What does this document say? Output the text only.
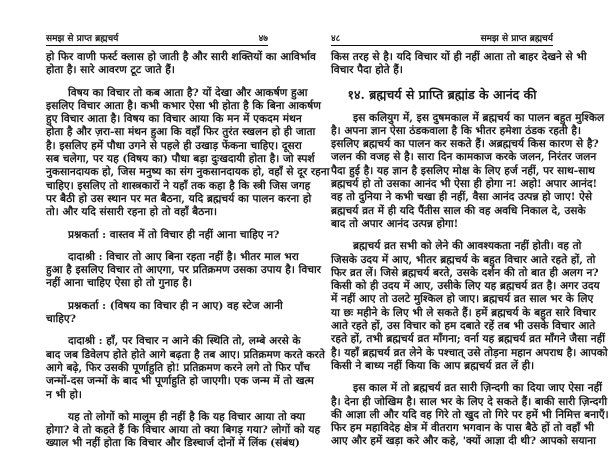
समझ से प्राप्त ब्रह्मचर्य	४७
हो फिर वाणी फर्स्ट क्लास हो जाती है और सारी शक्तियों का आविर्भाव
होता है। सारे आवरण टूट जाते हैं।
विषय का विचार तो कब आता है? यों देखा और आकर्षण हुआ
इसलिए विचार आता है। कभी कभार ऐसा भी होता है कि बिना आकर्षण
हुए विचार आता है। विषय का विचार आया कि मन में एकदम मंथन
होता है और ज़रा-सा मंथन हुआ कि वहाँ फिर तुरंत स्खलन हो ही जाता
है। इसलिए हमें पौधा उगने से पहले ही उखाड़ फेंकना चाहिए। दूसरा
सब चलेगा, पर यह (विषय का) पौधा बड़ा दुःखदायी होता है। जो स्पर्श
नुकसानदायक हो, जिस मनुष्य का संग नुकसानदायक हो, वहाँ से दूर रहना
चाहिए। इसलिए तो शास्त्रकारों ने यहाँ तक कहा है कि स्त्री जिस जगह
पर बैठी हो उस स्थान पर मत बैठना, यदि ब्रह्मचर्य का पालन करना हो
तो। और यदि संसारी रहना हो तो वहाँ बैठना।
प्रश्नकर्ता : वास्तव में तो विचार ही नहीं आना चाहिए न?
दादाश्री : विचार तो आए बिना रहता नहीं है। भीतर माल भरा
हुआ है इसलिए विचार तो आएगा, पर प्रतिक्रमण उसका उपाय है। विचार
नहीं आना चाहिए ऐसा हो तो गुनाह है।
प्रश्नकर्ता : (विषय का विचार ही न आए) वह स्टेज आनी
चाहिए?
दादाश्री : हाँ, पर विचार न आने की स्थिति तो, लम्बे अरसे के
बाद जब डिवेलप होते होते आगे बढ़ता है तब आए। प्रतिक्रमण करते करते
आगे बढ़े, फिर उसकी पूर्णाहुति हो! प्रतिक्रमण करने लगे तो फिर पाँच
जन्मों-दस जन्मों के बाद भी पूर्णाहुति हो जाएगी। एक जन्म में तो खत्म
न भी हो।
यह तो लोगों को मालूम ही नहीं है कि यह विचार आया तो क्या
होगा? वे तो कहते हैं कि विचार आया तो क्या बिगड़ गया? लोगों को यह
ख्याल भी नहीं होता कि विचार और डिस्चार्ज दोनों में लिंक (संबंध)
४८	समझ से प्राप्त ब्रह्मचर्य
किस तरह से है। यदि विचार यों ही नहीं आता तो बाहर देखने से भी
विचार पैदा होते हैं।
१४. ब्रह्मचर्य से प्राप्ति ब्रह्मांड के आनंद की
इस कलियुग में, इस दुषमकाल में ब्रह्मचर्य का पालन बहुत मुश्किल
है। अपना ज्ञान ऐसा ठंडकवाला है कि भीतर हमेशा ठंडक रहती है।
इसलिए ब्रह्मचर्य का पालन कर सकते हैं। अब्रह्मचर्य किस कारण से है?
जलन की वजह से है। सारा दिन कामकाज करके जलन, निरंतर जलन
पैदा हुई है। यह ज्ञान है इसलिए मोक्ष के लिए हर्ज नहीं, पर साथ-साथ
ब्रह्मचर्य हो तो उसका आनंद भी ऐसा ही होगा न! अहो! अपार आनंद!
वह तो दुनिया ने कभी चखा ही नहीं, वैसा आनंद उत्पन्न हो जाए! ऐसे
ब्रह्मचर्य व्रत में ही यदि पैंतीस साल की वह अवधि निकाल दे, उसके
बाद तो अपार आनंद उत्पन्न होगा!
ब्रह्मचर्य व्रत सभी को लेने की आवश्यकता नहीं होती। वह तो
जिसके उदय में आए, भीतर ब्रह्मचर्य के बहुत विचार आते रहते हों, तो
फिर व्रत लें। जिसे ब्रह्मचर्य बरते, उसके दर्शन की तो बात ही अलग न?
किसी को ही उदय में आए, उसीके लिए यह ब्रह्मचर्य व्रत है। अगर उदय
में नहीं आए तो उलटे मुश्किल हो जाए। ब्रह्मचर्य व्रत साल भर के लिए
या छः महीने के लिए भी ले सकते हैं। हमें ब्रह्मचर्य के बहुत सारे विचार
आते रहते हों, उस विचार को हम दबाते रहें तब भी उसके विचार आते
रहते हों, तभी ब्रह्मचर्य व्रत माँगना; वर्ना यह ब्रह्मचर्य व्रत माँगने जैसा नहीं
है। यहाँ ब्रह्मचर्य व्रत लेने के पश्चात् उसे तोड़ना महान अपराध है। आपको
किसी ने बाध्य नहीं किया कि आप ब्रह्मचर्य व्रत लें ही।
इस काल में तो ब्रह्मचर्य व्रत सारी ज़िन्दगी का दिया जाए ऐसा नहीं
है। देना ही जोखिम है। साल भर के लिए दे सकते हैं। बाकी सारी ज़िन्दगी
की आज्ञा ली और यदि वह गिरे तो खुद तो गिरे पर हमें भी निमित्त बनाएँ।
फिर हम महाविदेह क्षेत्र में वीतराग भगवान के पास बैठे हों तो वहाँ भी
आए और हमें खड़ा करे और कहे, 'क्यों आज्ञा दी थी? आपको सयाना
